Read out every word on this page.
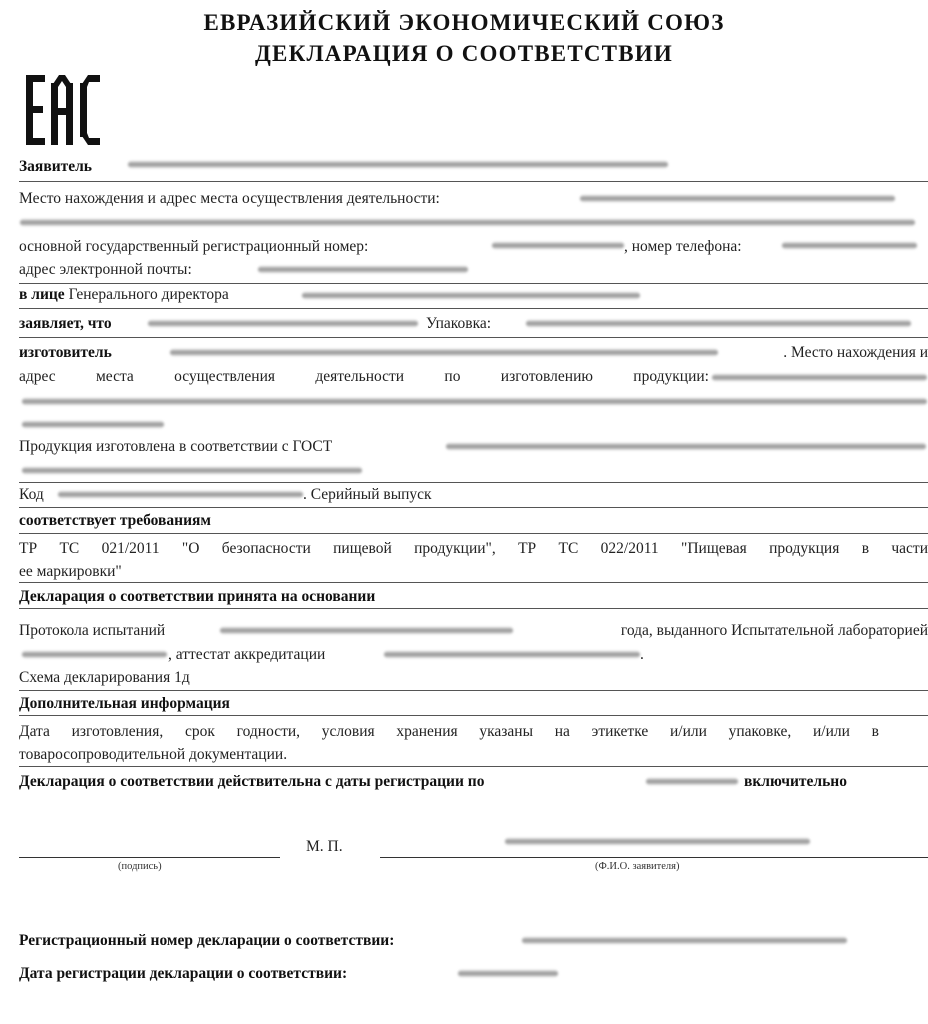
ЕВРАЗИЙСКИЙ ЭКОНОМИЧЕСКИЙ СОЮЗ
ДЕКЛАРАЦИЯ О СООТВЕТСТВИИ
Заявитель
Место нахождения и адрес места осуществления деятельности:
основной государственный регистрационный номер:	, номер телефона:
адрес электронной почты:
в лице Генерального директора
заявляет, что	Упаковка:
изготовитель	. Место нахождения и
адрес места осуществления деятельности по изготовлению продукции:
Продукция изготовлена в соответствии с ГОСТ
Код	. Серийный выпуск
соответствует требованиям
ТР ТС 021/2011 "О безопасности пищевой продукции", ТР ТС 022/2011 "Пищевая продукция в части
ее маркировки"
Декларация о соответствии принята на основании
Протокола испытаний	года, выданного Испытательной лабораторией
, аттестат аккредитации	.
Схема декларирования 1д
Дополнительная информация
Дата изготовления, срок годности, условия хранения указаны на этикетке и/или упаковке, и/или в
товаросопроводительной документации.
Декларация о соответствии действительна с даты регистрации по	включительно
М. П.
(подпись)	(Ф.И.О. заявителя)
Регистрационный номер декларации о соответствии:
Дата регистрации декларации о соответствии:
